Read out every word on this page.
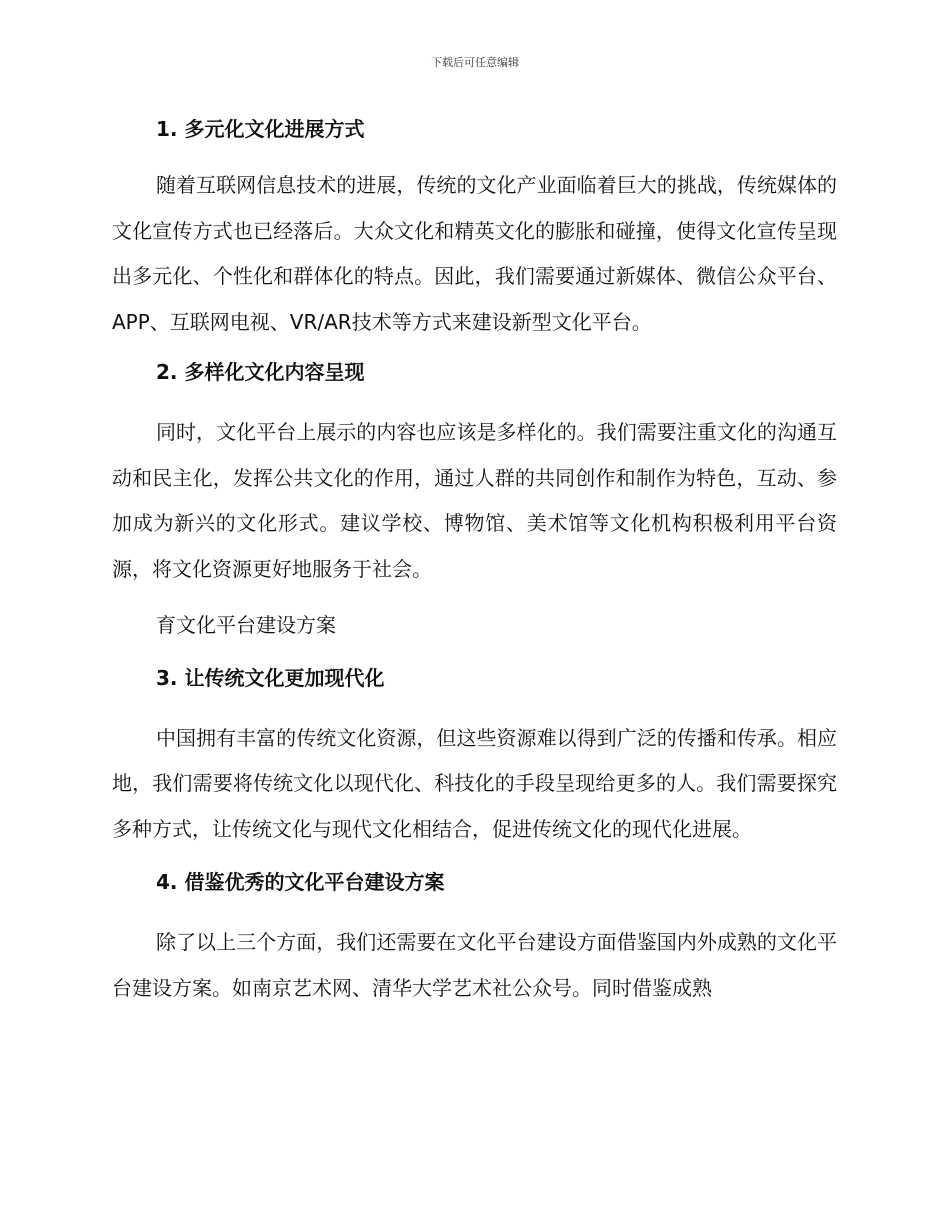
下载后可任意编辑
1. 多元化文化进展方式

随着互联网信息技术的进展，传统的文化产业面临着巨大的挑战，传统媒体的文化宣传方式也已经落后。大众文化和精英文化的膨胀和碰撞，使得文化宣传呈现出多元化、个性化和群体化的特点。因此，我们需要通过新媒体、微信公众平台、APP、互联网电视、VR/AR技术等方式来建设新型文化平台。

2. 多样化文化内容呈现

同时，文化平台上展示的内容也应该是多样化的。我们需要注重文化的沟通互动和民主化，发挥公共文化的作用，通过人群的共同创作和制作为特色，互动、参加成为新兴的文化形式。建议学校、博物馆、美术馆等文化机构积极利用平台资源，将文化资源更好地服务于社会。

育文化平台建设方案

3. 让传统文化更加现代化

中国拥有丰富的传统文化资源，但这些资源难以得到广泛的传播和传承。相应地，我们需要将传统文化以现代化、科技化的手段呈现给更多的人。我们需要探究多种方式，让传统文化与现代文化相结合，促进传统文化的现代化进展。

4. 借鉴优秀的文化平台建设方案

除了以上三个方面，我们还需要在文化平台建设方面借鉴国内外成熟的文化平台建设方案。如南京艺术网、清华大学艺术社公众号。同时借鉴成熟
